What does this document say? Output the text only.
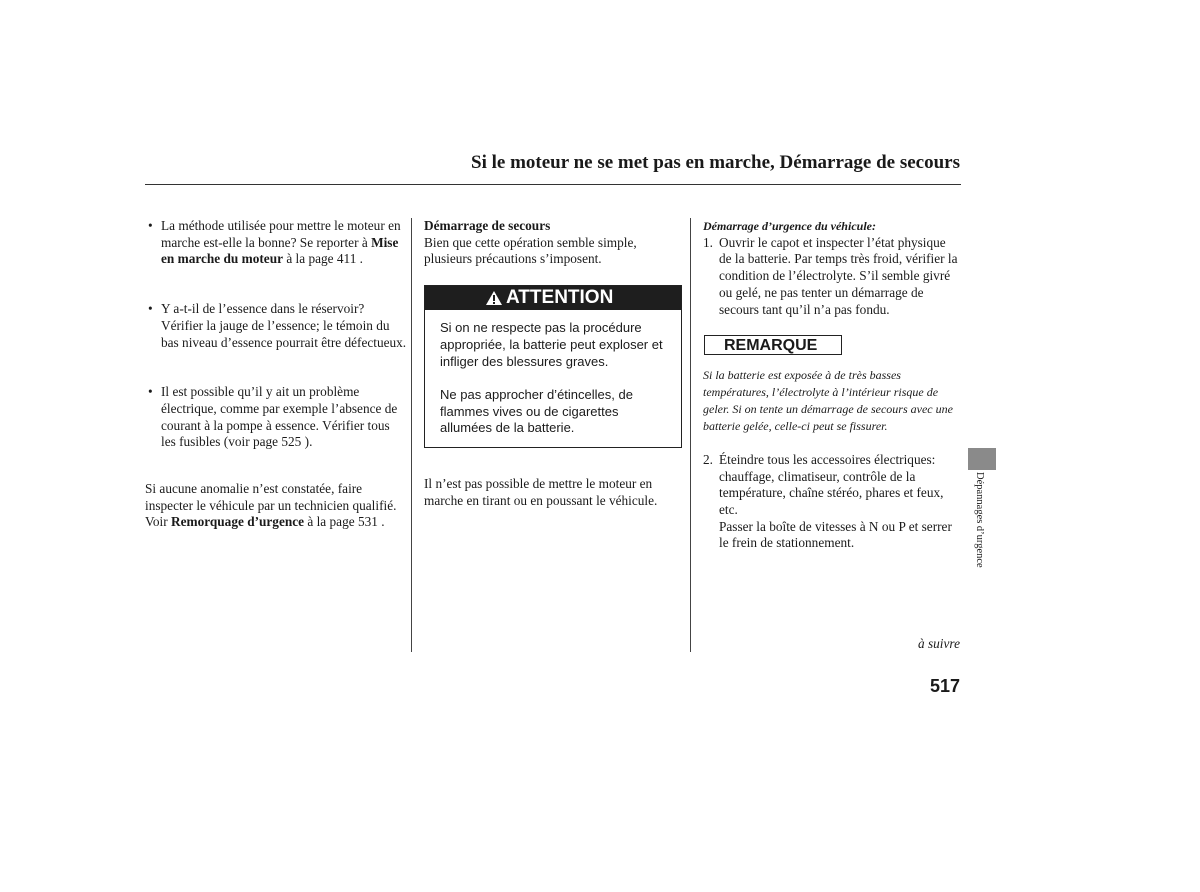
Si le moteur ne se met pas en marche, Démarrage de secours

• La méthode utilisée pour mettre le moteur en marche est-elle la bonne? Se reporter à Mise en marche du moteur à la page 411 .

• Y a-t-il de l’essence dans le réservoir? Vérifier la jauge de l’essence; le témoin du bas niveau d’essence pourrait être défectueux.

• Il est possible qu’il y ait un problème électrique, comme par exemple l’absence de courant à la pompe à essence. Vérifier tous les fusibles (voir page 525 ).

Si aucune anomalie n’est constatée, faire inspecter le véhicule par un technicien qualifié. Voir Remorquage d’urgence à la page 531 .

Démarrage de secours

Bien que cette opération semble simple, plusieurs précautions s’imposent.

ATTENTION

Si on ne respecte pas la procédure appropriée, la batterie peut exploser et infliger des blessures graves.

Ne pas approcher d’étincelles, de flammes vives ou de cigarettes allumées de la batterie.

Il n’est pas possible de mettre le moteur en marche en tirant ou en poussant le véhicule.

Démarrage d’urgence du véhicule:

1. Ouvrir le capot et inspecter l’état physique de la batterie. Par temps très froid, vérifier la condition de l’électrolyte. S’il semble givré ou gelé, ne pas tenter un démarrage de secours tant qu’il n’a pas fondu.

REMARQUE

Si la batterie est exposée à de très basses températures, l’électrolyte à l’intérieur risque de geler. Si on tente un démarrage de secours avec une batterie gelée, celle-ci peut se fissurer.

2. Éteindre tous les accessoires électriques: chauffage, climatiseur, contrôle de la température, chaîne stéréo, phares et feux, etc.
Passer la boîte de vitesses à N ou P et serrer le frein de stationnement.	Dépannages d’urgence
à suivre
517
